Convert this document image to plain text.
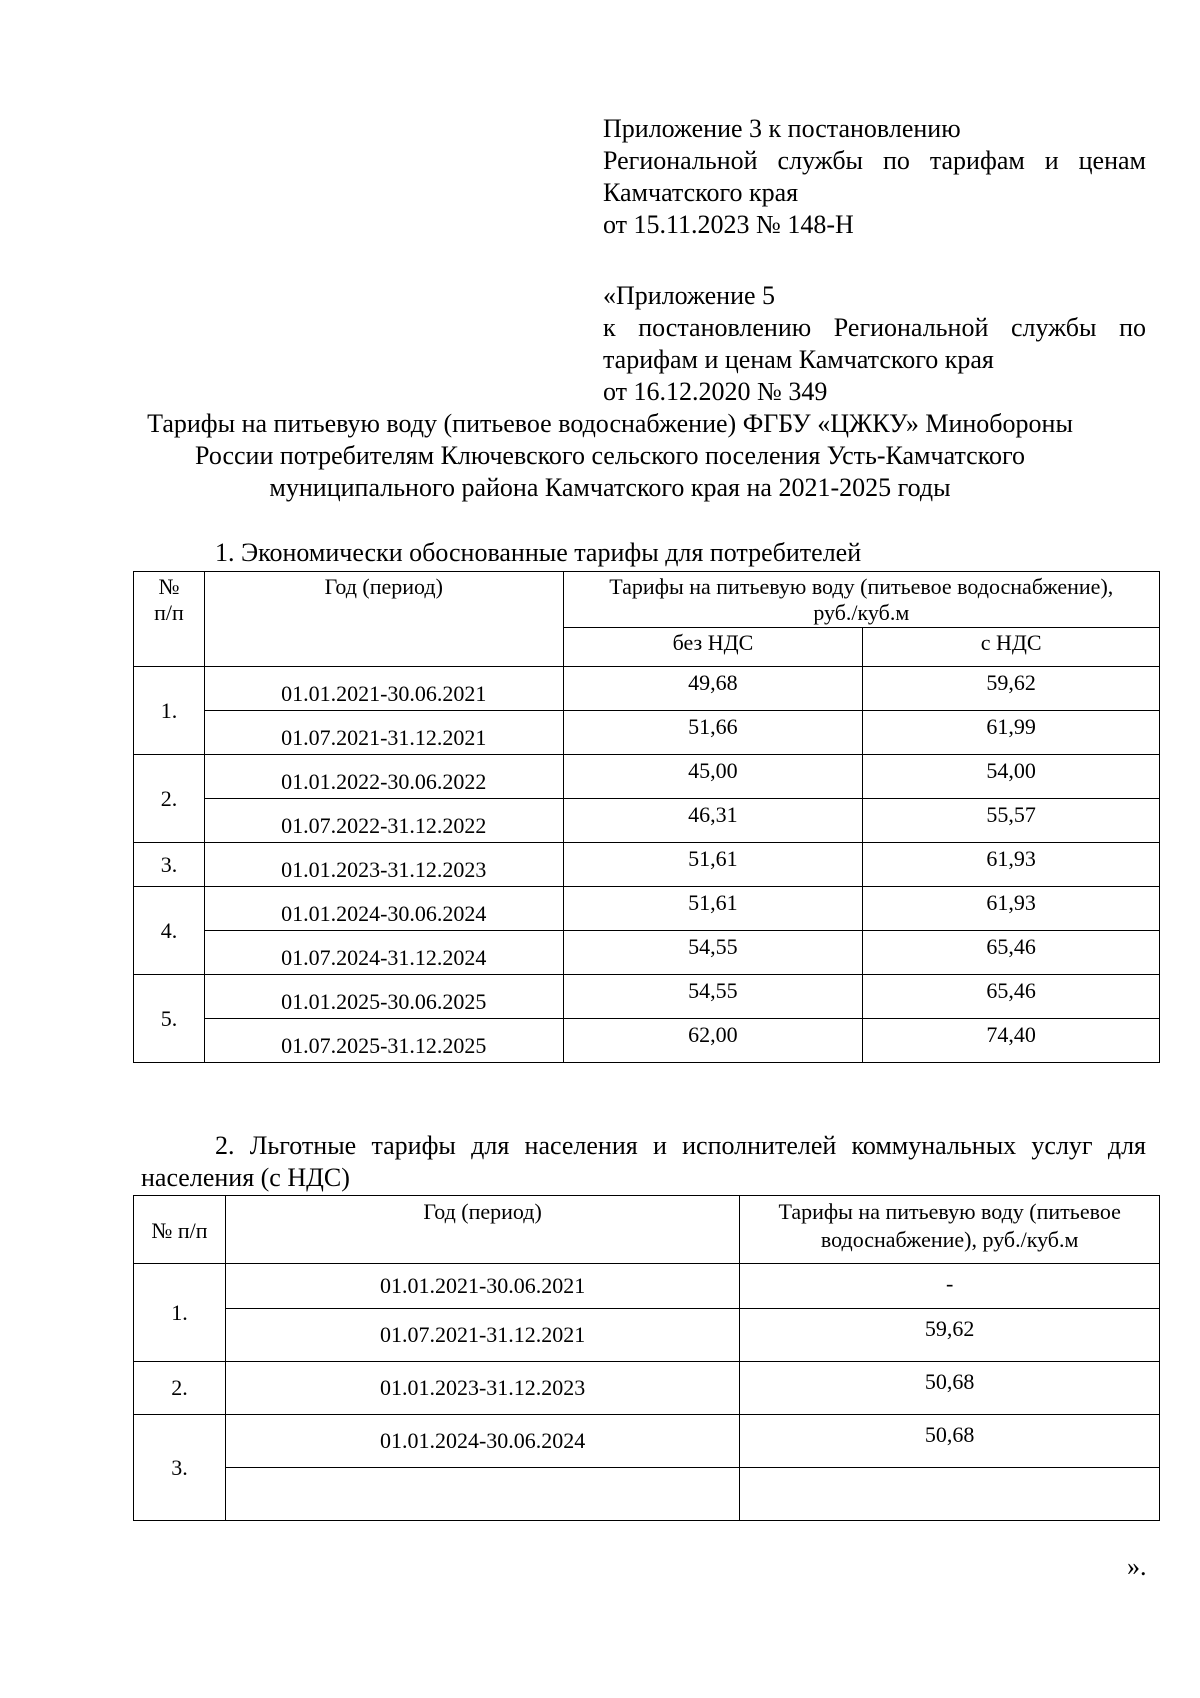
Приложение 3 к постановлению
Региональной службы по тарифам и ценам
Камчатского края
от 15.11.2023 № 148-Н
«Приложение 5
к постановлению Региональной службы по
тарифам и ценам Камчатского края
от 16.12.2020 № 349
Тарифы на питьевую воду (питьевое водоснабжение) ФГБУ «ЦЖКУ» Минобороны
России потребителям Ключевского сельского поселения Усть-Камчатского
муниципального района Камчатского края на 2021-2025 годы
1. Экономически обоснованные тарифы для потребителей
№
п/п	Год (период)	Тарифы на питьевую воду (питьевое водоснабжение),
руб./куб.м	
		без НДС	с НДС
1.	01.01.2021-30.06.2021	49,68	59,62
	01.07.2021-31.12.2021	51,66	61,99
2.	01.01.2022-30.06.2022	45,00	54,00
	01.07.2022-31.12.2022	46,31	55,57
3.	01.01.2023-31.12.2023	51,61	61,93
4.	01.01.2024-30.06.2024	51,61	61,93
	01.07.2024-31.12.2024	54,55	65,46
5.	01.01.2025-30.06.2025	54,55	65,46
	01.07.2025-31.12.2025	62,00	74,40
2. Льготные тарифы для населения и исполнителей коммунальных услуг для
населения (с НДС)
№ п/п	Год (период)	Тарифы на питьевую воду (питьевое
водоснабжение), руб./куб.м
1.	01.01.2021-30.06.2021	-
	01.07.2021-31.12.2021	59,62
2.	01.01.2023-31.12.2023	50,68
3.	01.01.2024-30.06.2024	50,68

».
